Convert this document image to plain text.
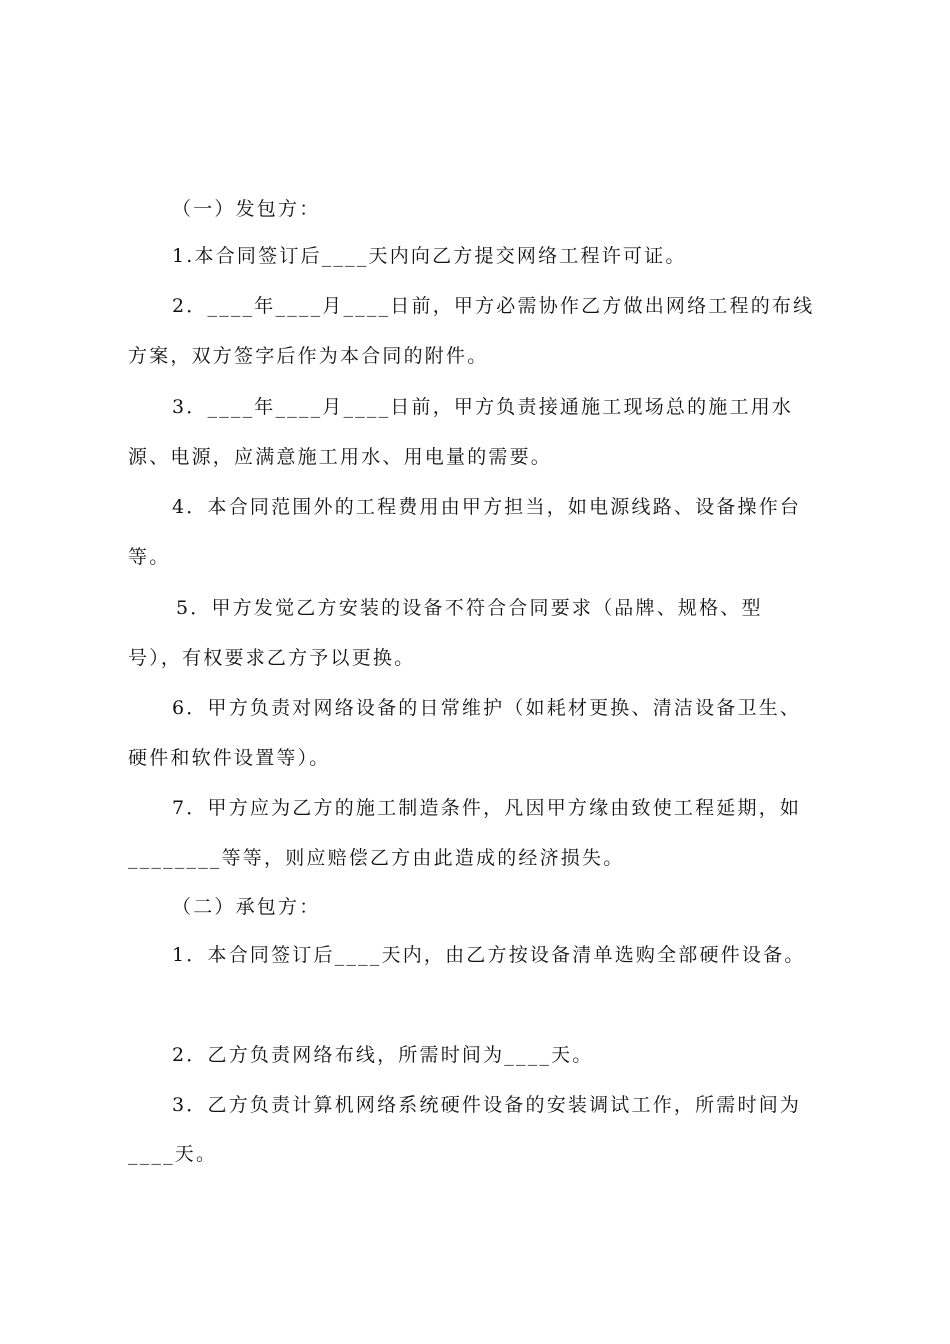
（一）发包方：

1.本合同签订后____天内向乙方提交网络工程许可证。

2．____年____月____日前，甲方必需协作乙方做出网络工程的布线

方案，双方签字后作为本合同的附件。

3．____年____月____日前，甲方负责接通施工现场总的施工用水

源、电源，应满意施工用水、用电量的需要。

4．本合同范围外的工程费用由甲方担当，如电源线路、设备操作台

等。

5．甲方发觉乙方安装的设备不符合合同要求（品牌、规格、型

号），有权要求乙方予以更换。

6．甲方负责对网络设备的日常维护（如耗材更换、清洁设备卫生、

硬件和软件设置等）。

7．甲方应为乙方的施工制造条件，凡因甲方缘由致使工程延期，如

________等等，则应赔偿乙方由此造成的经济损失。

（二）承包方：

1．本合同签订后____天内，由乙方按设备清单选购全部硬件设备。

2．乙方负责网络布线，所需时间为____天。

3．乙方负责计算机网络系统硬件设备的安装调试工作，所需时间为

____天。
